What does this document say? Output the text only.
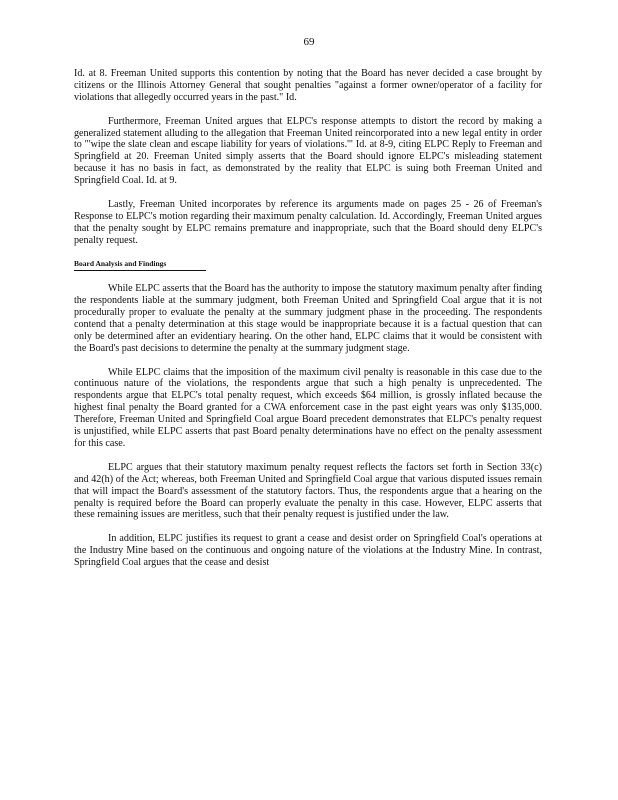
69

Id. at 8. Freeman United supports this contention by noting that the Board has never decided a case brought by citizens or the Illinois Attorney General that sought penalties "against a former owner/operator of a facility for violations that allegedly occurred years in the past." Id.

Furthermore, Freeman United argues that ELPC's response attempts to distort the record by making a generalized statement alluding to the allegation that Freeman United reincorporated into a new legal entity in order to "'wipe the slate clean and escape liability for years of violations.'" Id. at 8-9, citing ELPC Reply to Freeman and Springfield at 20. Freeman United simply asserts that the Board should ignore ELPC's misleading statement because it has no basis in fact, as demonstrated by the reality that ELPC is suing both Freeman United and Springfield Coal. Id. at 9.

Lastly, Freeman United incorporates by reference its arguments made on pages 25 - 26 of Freeman's Response to ELPC's motion regarding their maximum penalty calculation. Id. Accordingly, Freeman United argues that the penalty sought by ELPC remains premature and inappropriate, such that the Board should deny ELPC's penalty request.

Board Analysis and Findings

While ELPC asserts that the Board has the authority to impose the statutory maximum penalty after finding the respondents liable at the summary judgment, both Freeman United and Springfield Coal argue that it is not procedurally proper to evaluate the penalty at the summary judgment phase in the proceeding. The respondents contend that a penalty determination at this stage would be inappropriate because it is a factual question that can only be determined after an evidentiary hearing. On the other hand, ELPC claims that it would be consistent with the Board's past decisions to determine the penalty at the summary judgment stage.

While ELPC claims that the imposition of the maximum civil penalty is reasonable in this case due to the continuous nature of the violations, the respondents argue that such a high penalty is unprecedented. The respondents argue that ELPC's total penalty request, which exceeds $64 million, is grossly inflated because the highest final penalty the Board granted for a CWA enforcement case in the past eight years was only $135,000. Therefore, Freeman United and Springfield Coal argue Board precedent demonstrates that ELPC's penalty request is unjustified, while ELPC asserts that past Board penalty determinations have no effect on the penalty assessment for this case.

ELPC argues that their statutory maximum penalty request reflects the factors set forth in Section 33(c) and 42(h) of the Act; whereas, both Freeman United and Springfield Coal argue that various disputed issues remain that will impact the Board's assessment of the statutory factors. Thus, the respondents argue that a hearing on the penalty is required before the Board can properly evaluate the penalty in this case. However, ELPC asserts that these remaining issues are meritless, such that their penalty request is justified under the law.

In addition, ELPC justifies its request to grant a cease and desist order on Springfield Coal's operations at the Industry Mine based on the continuous and ongoing nature of the violations at the Industry Mine. In contrast, Springfield Coal argues that the cease and desist
